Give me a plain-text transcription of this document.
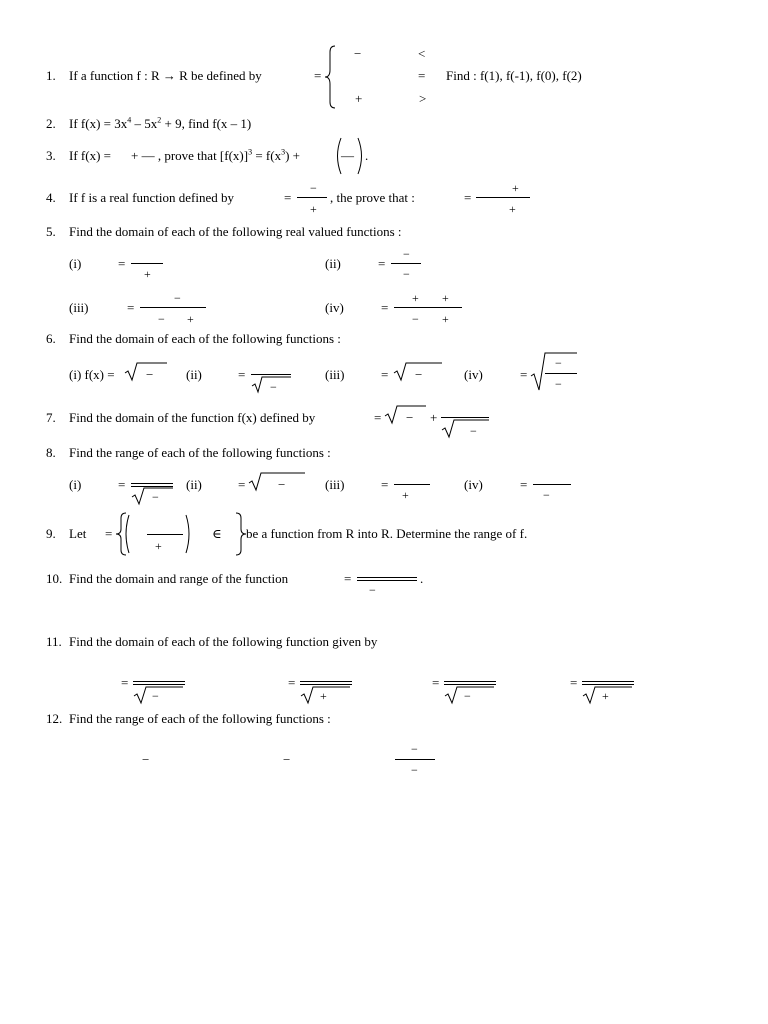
1. If a function f : R → R be defined by	=
−	<
= Find : f(1), f(-1), f(0), f(2)
+	>
2. If $f(x) = 3x^4 - 5x^2 + 9$, find f(x – 1)
3. If f(x) = + — , prove that $[f(x)]^3 = f(x^3)$ +	— .
4. If f is a real function defined by	=
−
+
, the prove that :	=
+
+
5. Find the domain of each of the following real valued functions :
(i)	=
+
(ii)	=
−
−
(iii)	=
−
− +
(iv)	=
+ +
− +
6. Find the domain of each of the following functions :
(i) f(x) = −	(ii)	=
−
(iii)	= −	(iv)	=
−
−
7. Find the domain of the function f(x) defined by	= − +
−
8. Find the range of each of the following functions :
(i)	=
−
(ii)	=	−	(iii)	=
+
(iv)	=
−
9. Let =
+
∈ be a function from R into R. Determine the range of f.
10. Find the domain and range of the function	=
−
.
11. Find the domain of each of the following function given by
=
−
=
+
=
−
=
+
12. Find the range of each of the following functions :
−	−
−
−
